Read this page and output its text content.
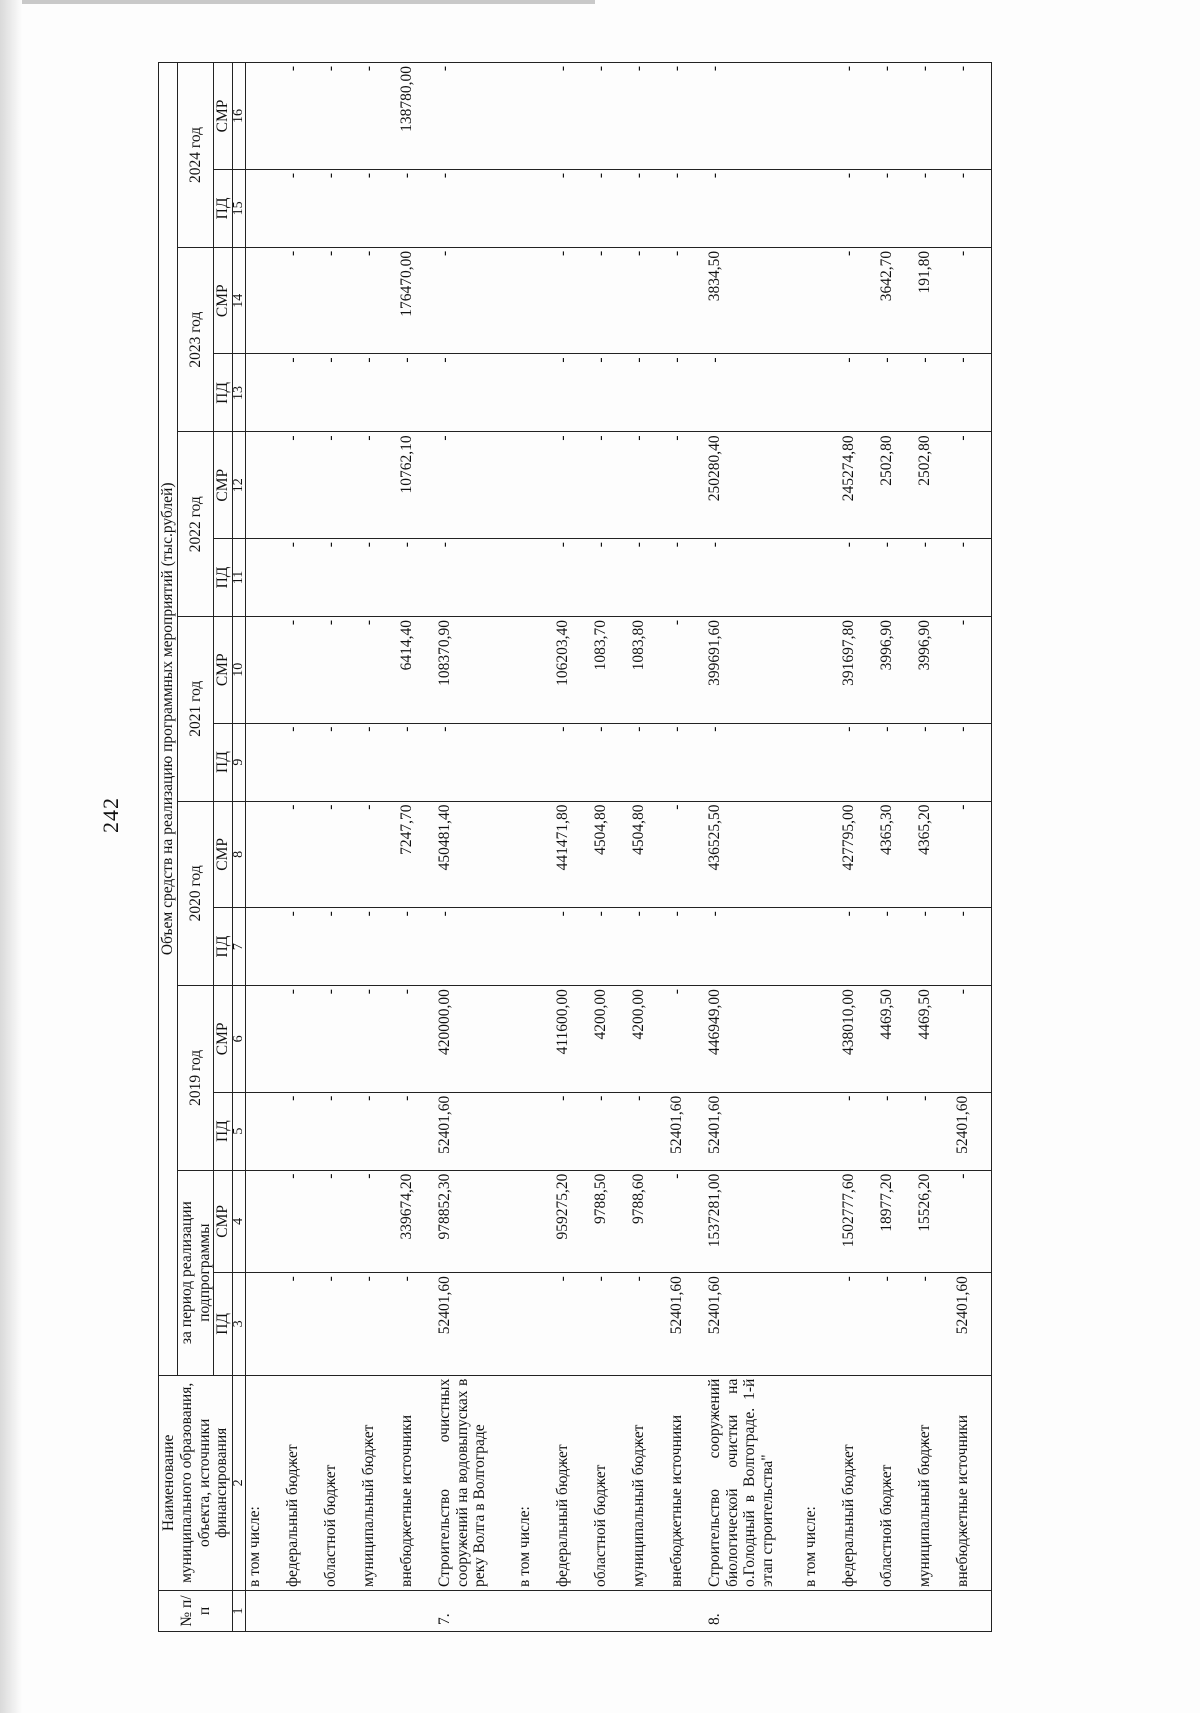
242
№ п/п	Наименование муниципального образования, объекта, источники финансирования	Объем средств на реализацию программных мероприятий (тыс.рублей)													
		за период реализации подпрограммы		2019 год		2020 год		2021 год		2022 год		2023 год		2024 год	
		ПД	СМР	ПД	СМР	ПД	СМР	ПД	СМР	ПД	СМР	ПД	СМР	ПД	СМР
1	2	3	4	5	6	7	8	9	10	11	12	13	14	15	16

	в том числе:														

	федеральный бюджет	-	-	-	-	-	-	-	-	-	-	-	-	-	-

	областной бюджет	-	-	-	-	-	-	-	-	-	-	-	-	-	-

	муниципальный бюджет	-	-	-	-	-	-	-	-	-	-	-	-	-	-

	внебюджетные источники	-	339674,20	-	-	-	7247,70	-	6414,40	-	10762,10	-	176470,00	-	138780,00
7.	Строительство очистных сооружений на водовыпусках в реку Волга в Волгограде	52401,60	978852,30	52401,60	420000,00	-	450481,40	-	108370,90	-	-	-	-	-	-

	в том числе:														

	федеральный бюджет	-	959275,20	-	411600,00	-	441471,80	-	106203,40	-	-	-	-	-	-

	областной бюджет	-	9788,50	-	4200,00	-	4504,80	-	1083,70	-	-	-	-	-	-

	муниципальный бюджет	-	9788,60	-	4200,00	-	4504,80	-	1083,80	-	-	-	-	-	-

	внебюджетные источники	52401,60	-	52401,60	-	-	-	-	-	-	-	-	-	-	-
8.	Строительство сооружений биологической очистки на о.Голодный в Волгограде. 1-й этап строительства"	52401,60	1537281,00	52401,60	446949,00	-	436525,50	-	399691,60	-	250280,40	-	3834,50	-	-

	в том числе:														

	федеральный бюджет	-	1502777,60	-	438010,00	-	427795,00	-	391697,80	-	245274,80	-	-	-	-

	областной бюджет	-	18977,20	-	4469,50	-	4365,30	-	3996,90	-	2502,80	-	3642,70	-	-

	муниципальный бюджет	-	15526,20	-	4469,50	-	4365,20	-	3996,90	-	2502,80	-	191,80	-	-

	внебюджетные источники	52401,60	-	52401,60	-	-	-	-	-	-	-	-	-	-	-
